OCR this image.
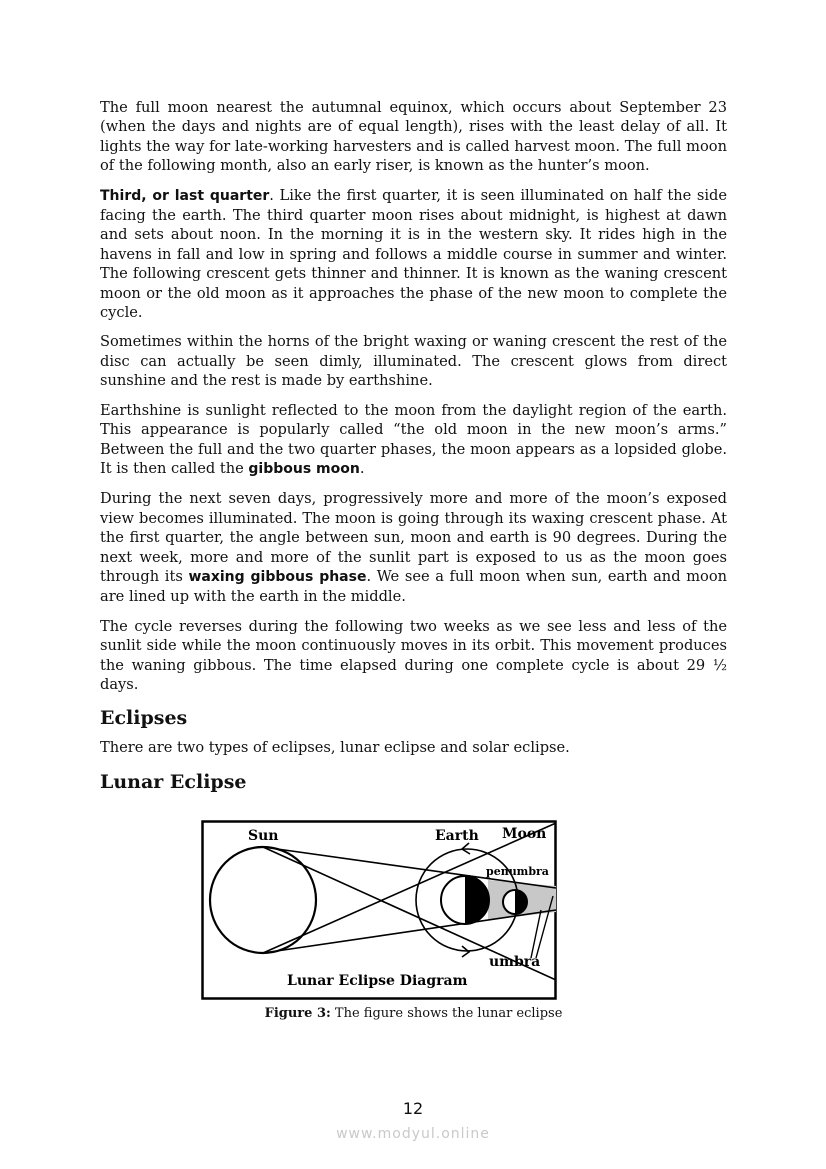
The full moon nearest the autumnal equinox, which occurs about September 23 (when the days and nights are of equal length), rises with the least delay of all. It lights the way for late-working harvesters and is called harvest moon. The full moon of the following month, also an early riser, is known as the hunter’s moon.

Third, or last quarter. Like the first quarter, it is seen illuminated on half the side facing the earth. The third quarter moon rises about midnight, is highest at dawn and sets about noon. In the morning it is in the western sky. It rides high in the havens in fall and low in spring and follows a middle course in summer and winter. The following crescent gets thinner and thinner. It is known as the waning crescent moon or the old moon as it approaches the phase of the new moon to complete the cycle.

Sometimes within the horns of the bright waxing or waning crescent the rest of the disc can actually be seen dimly, illuminated. The crescent glows from direct sunshine and the rest is made by earthshine.

Earthshine is sunlight reflected to the moon from the daylight region of the earth. This appearance is popularly called “the old moon in the new moon’s arms.” Between the full and the two quarter phases, the moon appears as a lopsided globe. It is then called the gibbous moon.

During the next seven days, progressively more and more of the moon’s exposed view becomes illuminated. The moon is going through its waxing crescent phase. At the first quarter, the angle between sun, moon and earth is 90 degrees. During the next week, more and more of the sunlit part is exposed to us as the moon goes through its waxing gibbous phase. We see a full moon when sun, earth and moon are lined up with the earth in the middle.

The cycle reverses during the following two weeks as we see less and less of the sunlit side while the moon continuously moves in its orbit. This movement produces the waning gibbous. The time elapsed during one complete cycle is about 29 ½ days.

Eclipses

There are two types of eclipses, lunar eclipse and solar eclipse.

Lunar Eclipse
Sun	Earth Moon
penumbra
umbra
Lunar Eclipse Diagram
Figure 3: The figure shows the lunar eclipse
12
www.modyul.online
